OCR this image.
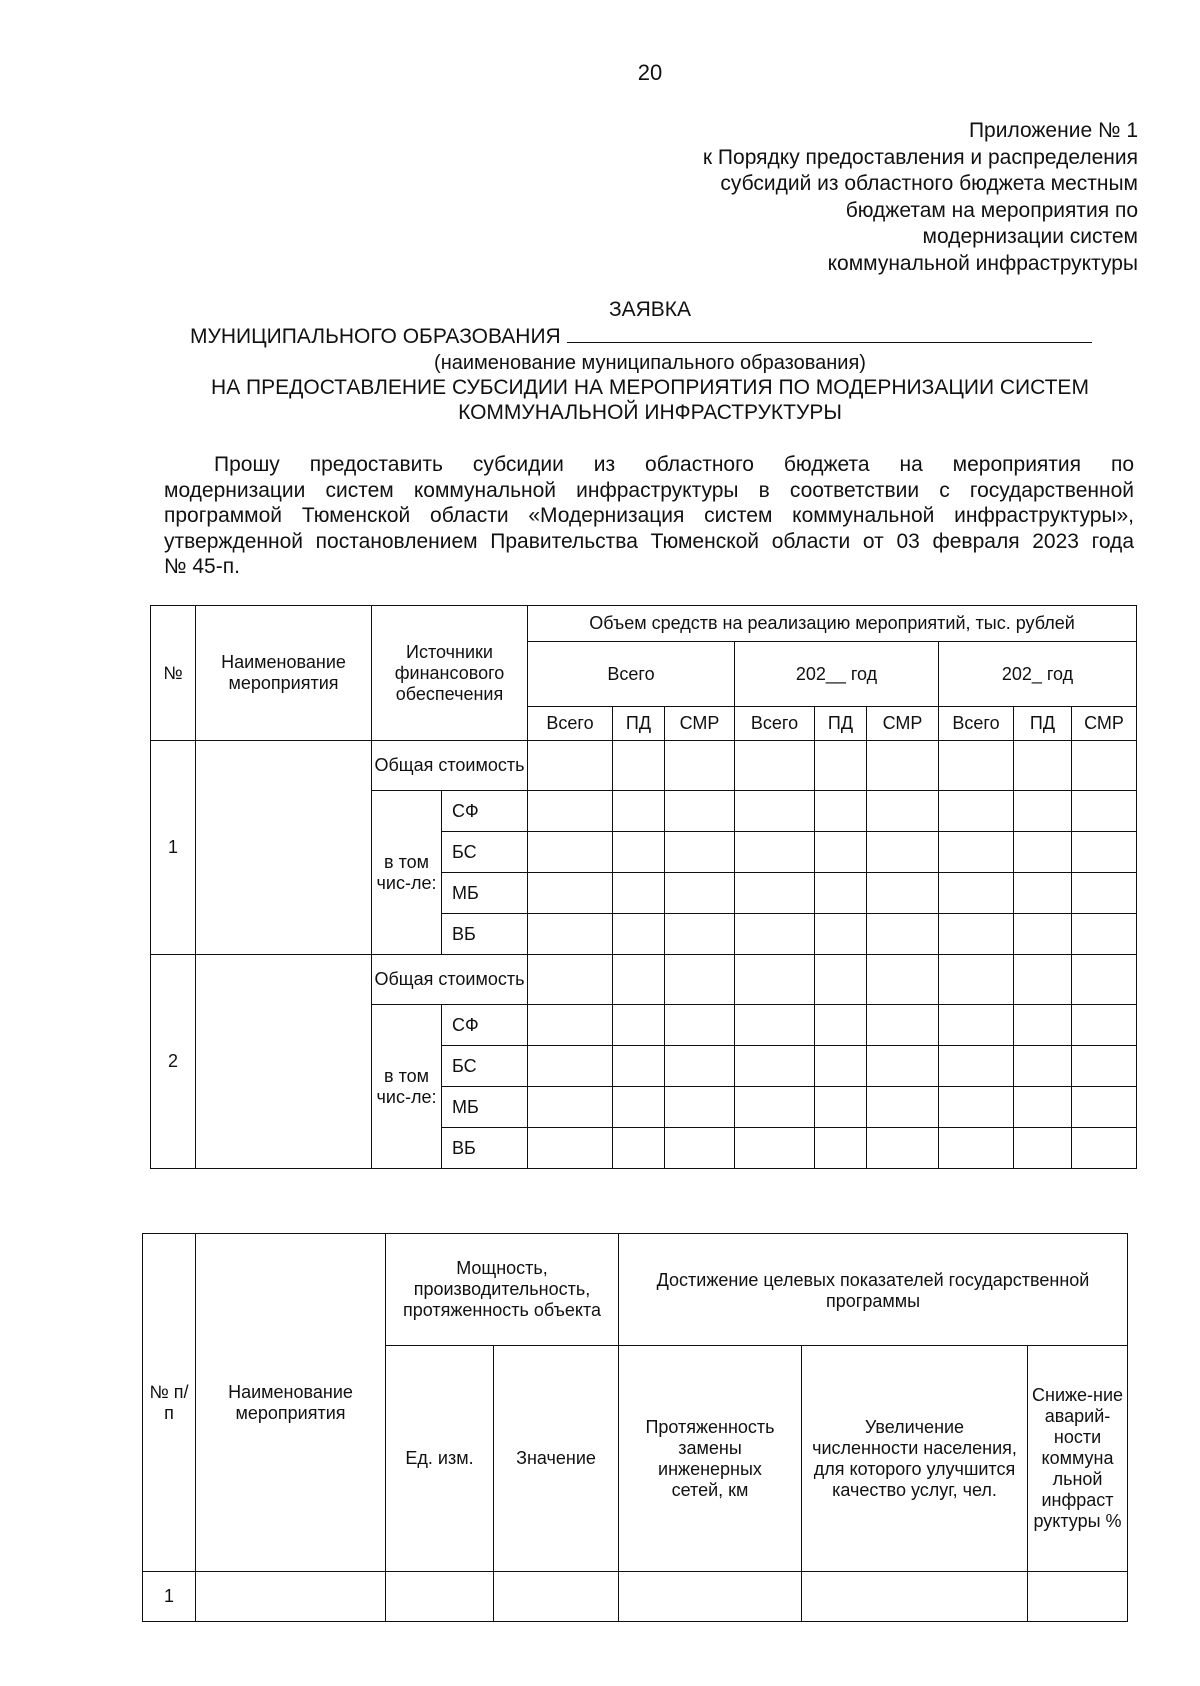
20
Приложение № 1
к Порядку предоставления и распределения
субсидий из областного бюджета местным
бюджетам на мероприятия по
модернизации систем
коммунальной инфраструктуры
ЗАЯВКА
МУНИЦИПАЛЬНОГО ОБРАЗОВАНИЯ
(наименование муниципального образования)
НА ПРЕДОСТАВЛЕНИЕ СУБСИДИИ НА МЕРОПРИЯТИЯ ПО МОДЕРНИЗАЦИИ СИСТЕМ
КОММУНАЛЬНОЙ ИНФРАСТРУКТУРЫ
Прошу предоставить субсидии из областного бюджета на мероприятия по
модернизации систем коммунальной инфраструктуры в соответствии с государственной
программой Тюменской области «Модернизация систем коммунальной инфраструктуры»,
утвержденной постановлением Правительства Тюменской области от 03 февраля 2023 года
№ 45-п.
№	Наименование мероприятия	Источники финансового обеспечения		Объем средств на реализацию мероприятий, тыс. рублей								
				Всего			202__ год			202_ год		
				Всего	ПД	СМР	Всего	ПД	СМР	Всего	ПД	СМР
1		Общая стоимость										
		в том чис-ле:	СФ									
			БС									
			МБ									
			ВБ									
2		Общая стоимость										
		в том чис-ле:	СФ									
			БС									
			МБ									
			ВБ									
№ п/п	Наименование мероприятия	Мощность, производительность, протяженность объекта		Достижение целевых показателей государственной программы		
		Ед. изм.	Значение	Протяженность замены инженерных сетей, км	Увеличение численности населения, для которого улучшится качество услуг, чел.	Сниже-ние аварий-ности коммуна льной инфраст руктуры %
1						
